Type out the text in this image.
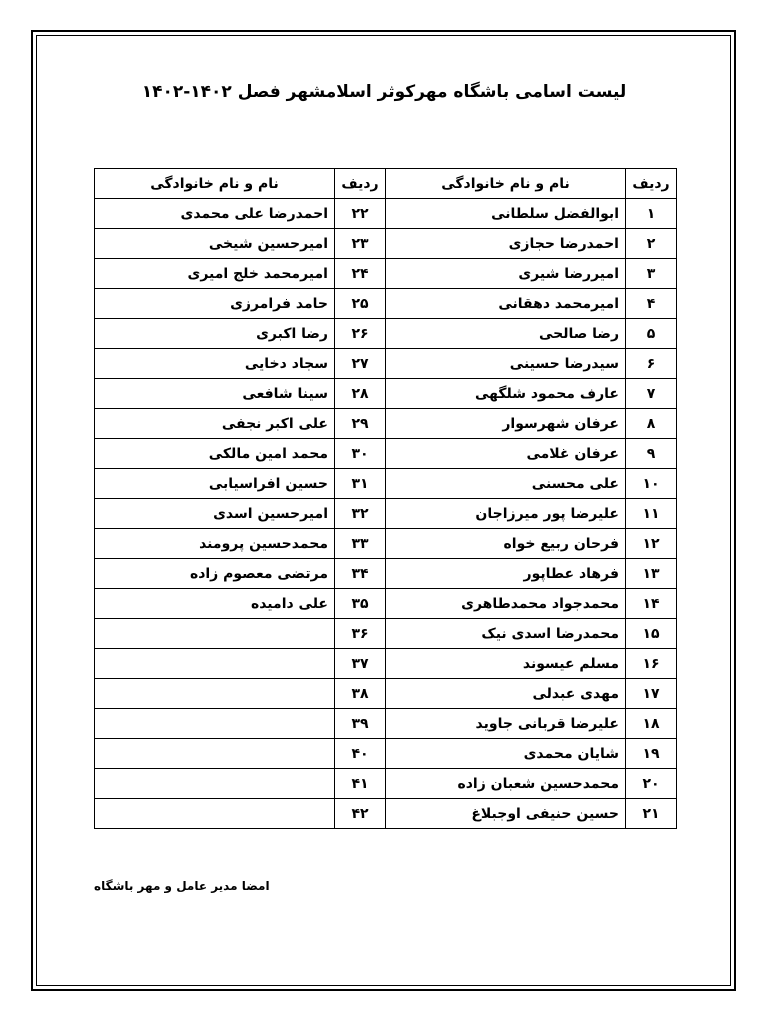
لیست اسامی باشگاه مهرکوثر اسلامشهر فصل ۱۴۰۲-۱۴۰۲
ردیف	نام و نام خانوادگی	ردیف	نام و نام خانوادگی
۱	ابوالفضل سلطانی	۲۲	احمدرضا علی محمدی
۲	احمدرضا حجازی	۲۳	امیرحسین شیخی
۳	امیررضا شیری	۲۴	امیرمحمد خلج امیری
۴	امیرمحمد دهقانی	۲۵	حامد فرامرزی
۵	رضا صالحی	۲۶	رضا اکبری
۶	سیدرضا حسینی	۲۷	سجاد دخایی
۷	عارف محمود شلگهی	۲۸	سینا شافعی
۸	عرفان شهرسوار	۲۹	علی اکبر نجفی
۹	عرفان غلامی	۳۰	محمد امین مالکی
۱۰	علی محسنی	۳۱	حسین افراسیابی
۱۱	علیرضا پور میرزاجان	۳۲	امیرحسین اسدی
۱۲	فرحان ربیع خواه	۳۳	محمدحسین پرومند
۱۳	فرهاد عطاپور	۳۴	مرتضی معصوم زاده
۱۴	محمدجواد محمدطاهری	۳۵	علی دامیده
۱۵	محمدرضا اسدی نیک	۳۶	
۱۶	مسلم عیسوند	۳۷	
۱۷	مهدی عبدلی	۳۸	
۱۸	علیرضا قربانی جاوید	۳۹	
۱۹	شایان محمدی	۴۰	
۲۰	محمدحسین شعبان زاده	۴۱	
۲۱	حسین حنیفی اوجبلاغ	۴۲	
امضا مدیر عامل و مهر باشگاه
